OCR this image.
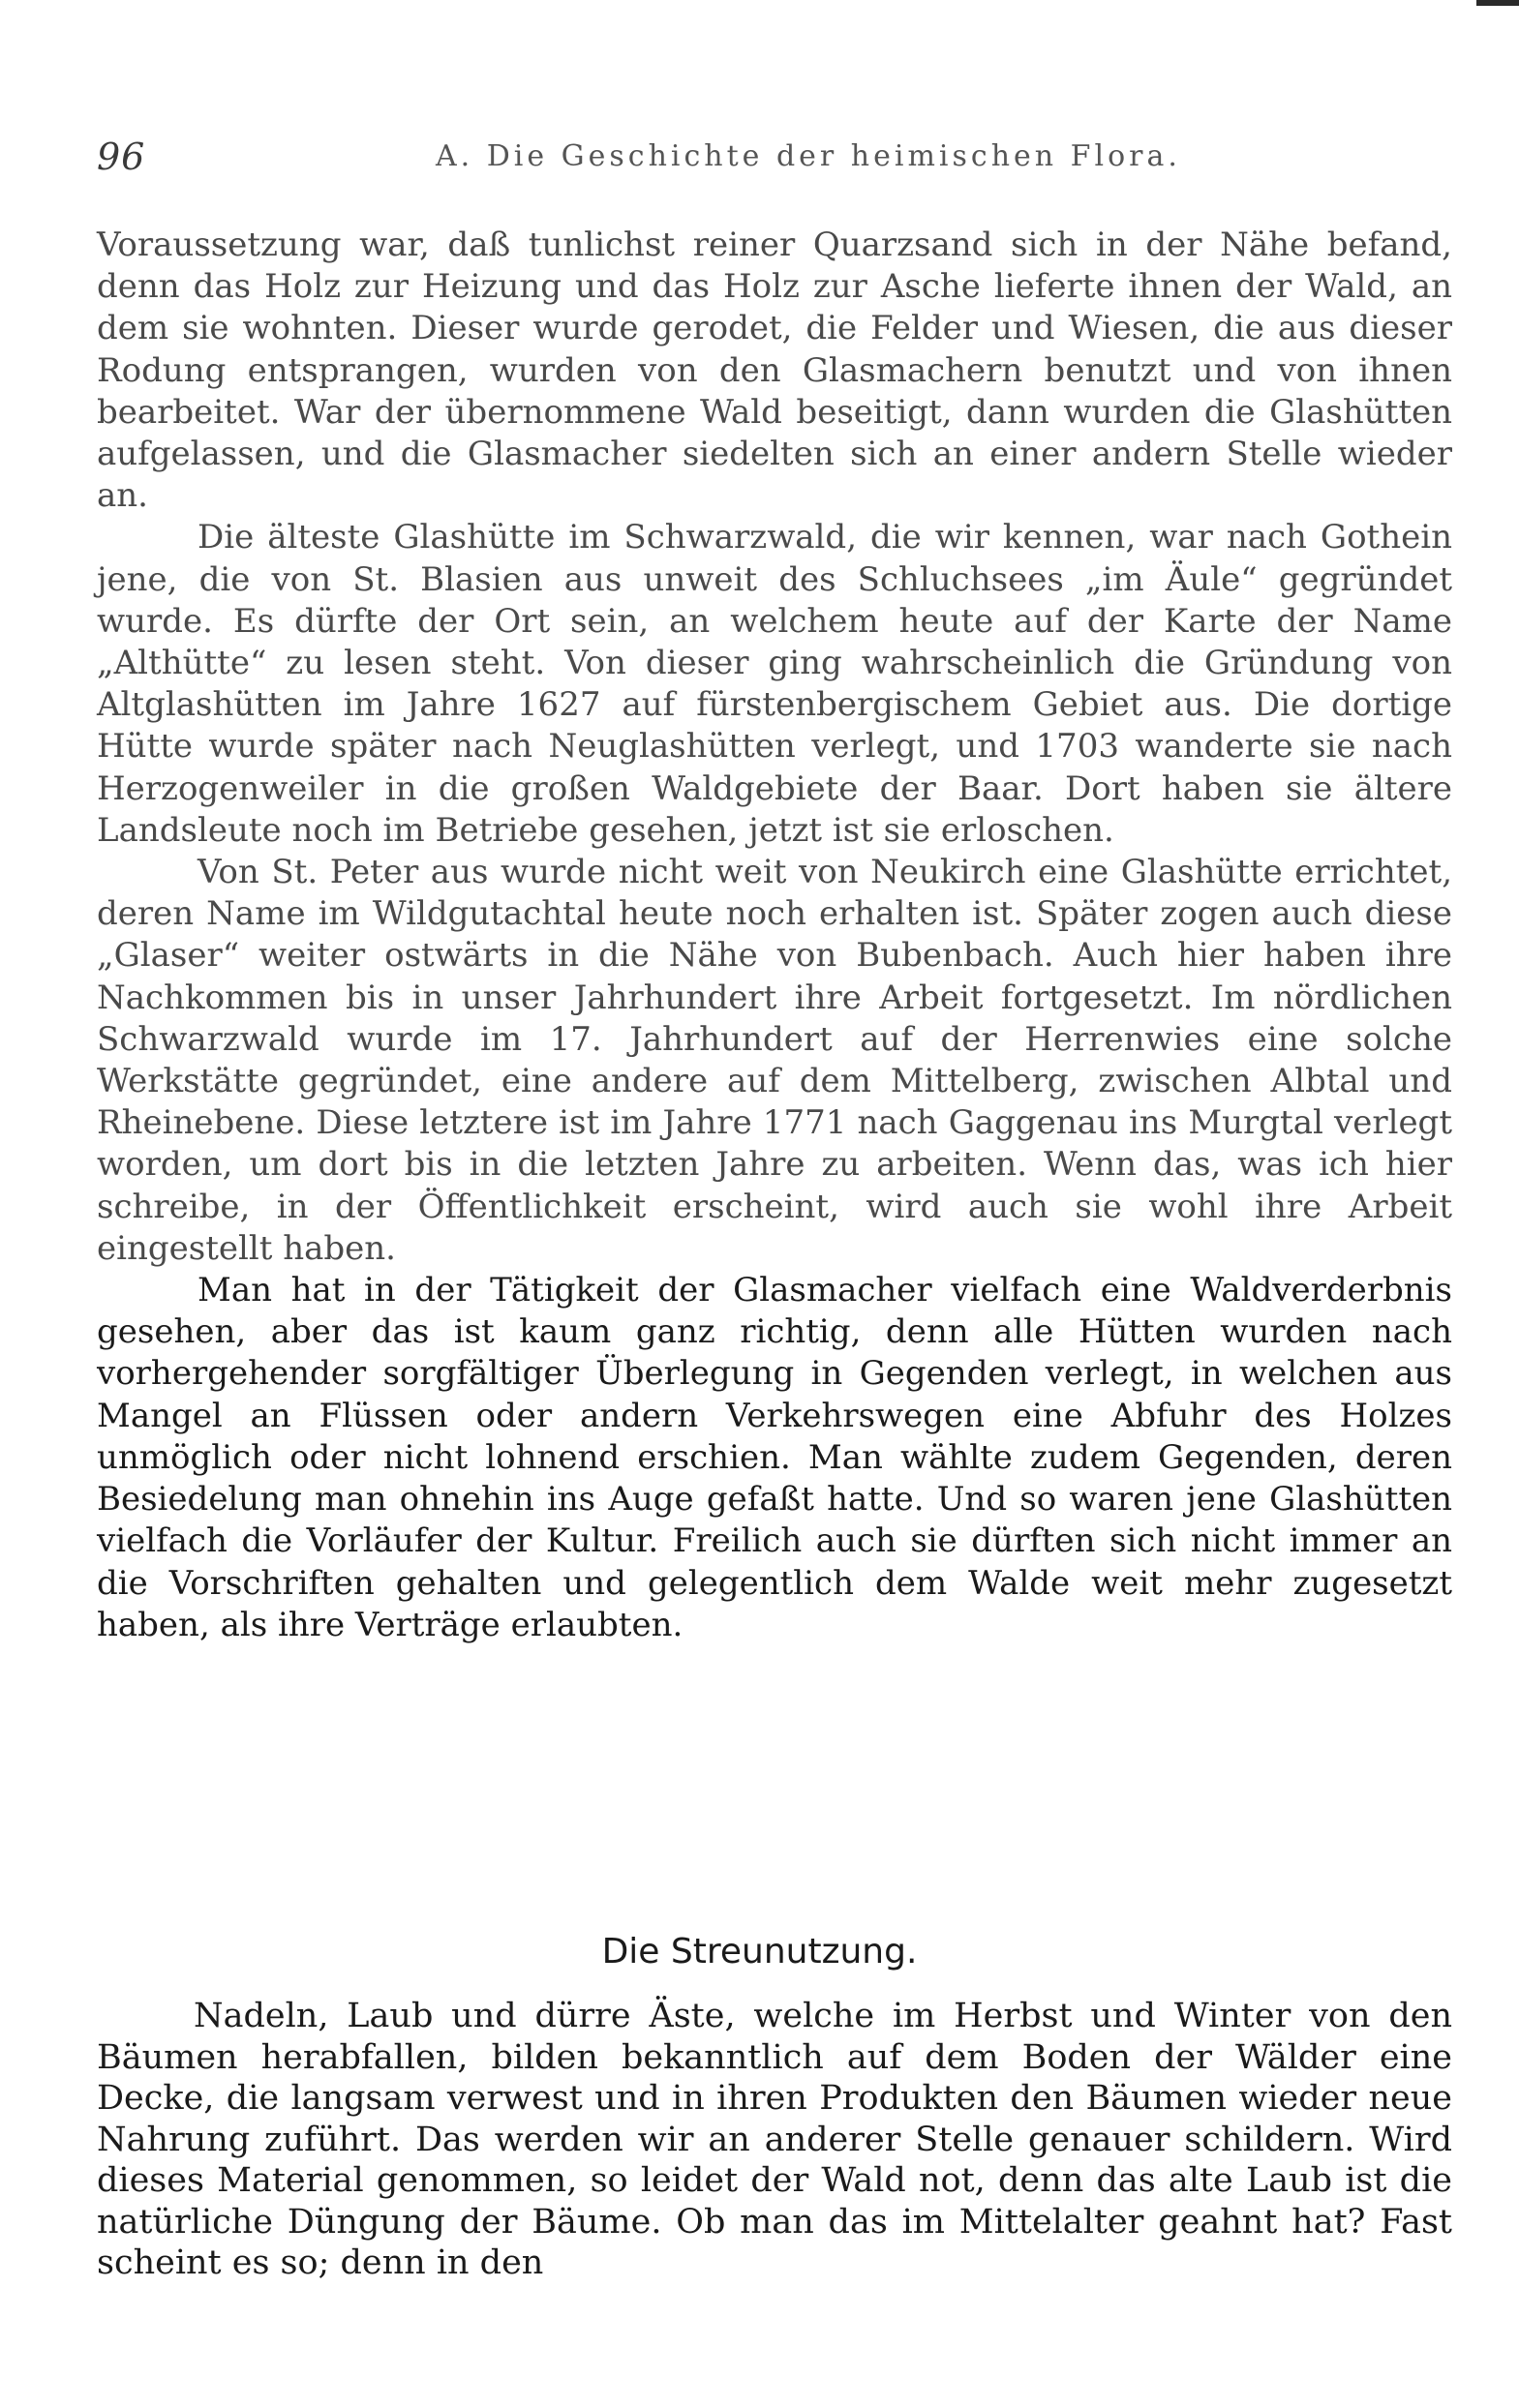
96	A. Die Geschichte der heimischen Flora.

Voraussetzung war, daß tunlichst reiner Quarzsand sich in der Nähe befand, denn das Holz zur Heizung und das Holz zur Asche lieferte ihnen der Wald, an dem sie wohnten. Dieser wurde gerodet, die Felder und Wiesen, die aus dieser Rodung entsprangen, wurden von den Glasmachern benutzt und von ihnen bearbeitet. War der übernommene Wald beseitigt, dann wurden die Glashütten aufgelassen, und die Glasmacher siedelten sich an einer andern Stelle wieder an.

Die älteste Glashütte im Schwarzwald, die wir kennen, war nach Gothein jene, die von St. Blasien aus unweit des Schluchsees „im Äule“ gegründet wurde. Es dürfte der Ort sein, an welchem heute auf der Karte der Name „Althütte“ zu lesen steht. Von dieser ging wahrscheinlich die Gründung von Altglashütten im Jahre 1627 auf fürstenbergischem Gebiet aus. Die dortige Hütte wurde später nach Neuglashütten verlegt, und 1703 wanderte sie nach Herzogenweiler in die großen Waldgebiete der Baar. Dort haben sie ältere Landsleute noch im Betriebe gesehen, jetzt ist sie erloschen.

Von St. Peter aus wurde nicht weit von Neukirch eine Glashütte errichtet, deren Name im Wildgutachtal heute noch erhalten ist. Später zogen auch diese „Glaser“ weiter ostwärts in die Nähe von Bubenbach. Auch hier haben ihre Nachkommen bis in unser Jahrhundert ihre Arbeit fortgesetzt. Im nördlichen Schwarzwald wurde im 17. Jahrhundert auf der Herrenwies eine solche Werkstätte gegründet, eine andere auf dem Mittelberg, zwischen Albtal und Rheinebene. Diese letztere ist im Jahre 1771 nach Gaggenau ins Murgtal verlegt worden, um dort bis in die letzten Jahre zu arbeiten. Wenn das, was ich hier schreibe, in der Öffentlichkeit erscheint, wird auch sie wohl ihre Arbeit eingestellt haben.

Man hat in der Tätigkeit der Glasmacher vielfach eine Waldverderbnis gesehen, aber das ist kaum ganz richtig, denn alle Hütten wurden nach vorhergehender sorgfältiger Überlegung in Gegenden verlegt, in welchen aus Mangel an Flüssen oder andern Verkehrswegen eine Abfuhr des Holzes unmöglich oder nicht lohnend erschien. Man wählte zudem Gegenden, deren Besiedelung man ohnehin ins Auge gefaßt hatte. Und so waren jene Glashütten vielfach die Vorläufer der Kultur. Freilich auch sie dürften sich nicht immer an die Vorschriften gehalten und gelegentlich dem Walde weit mehr zugesetzt haben, als ihre Verträge erlaubten.

Die Streunutzung.

Nadeln, Laub und dürre Äste, welche im Herbst und Winter von den Bäumen herabfallen, bilden bekanntlich auf dem Boden der Wälder eine Decke, die langsam verwest und in ihren Produkten den Bäumen wieder neue Nahrung zuführt. Das werden wir an anderer Stelle genauer schildern. Wird dieses Material genommen, so leidet der Wald not, denn das alte Laub ist die natürliche Düngung der Bäume. Ob man das im Mittelalter geahnt hat? Fast scheint es so; denn in den
